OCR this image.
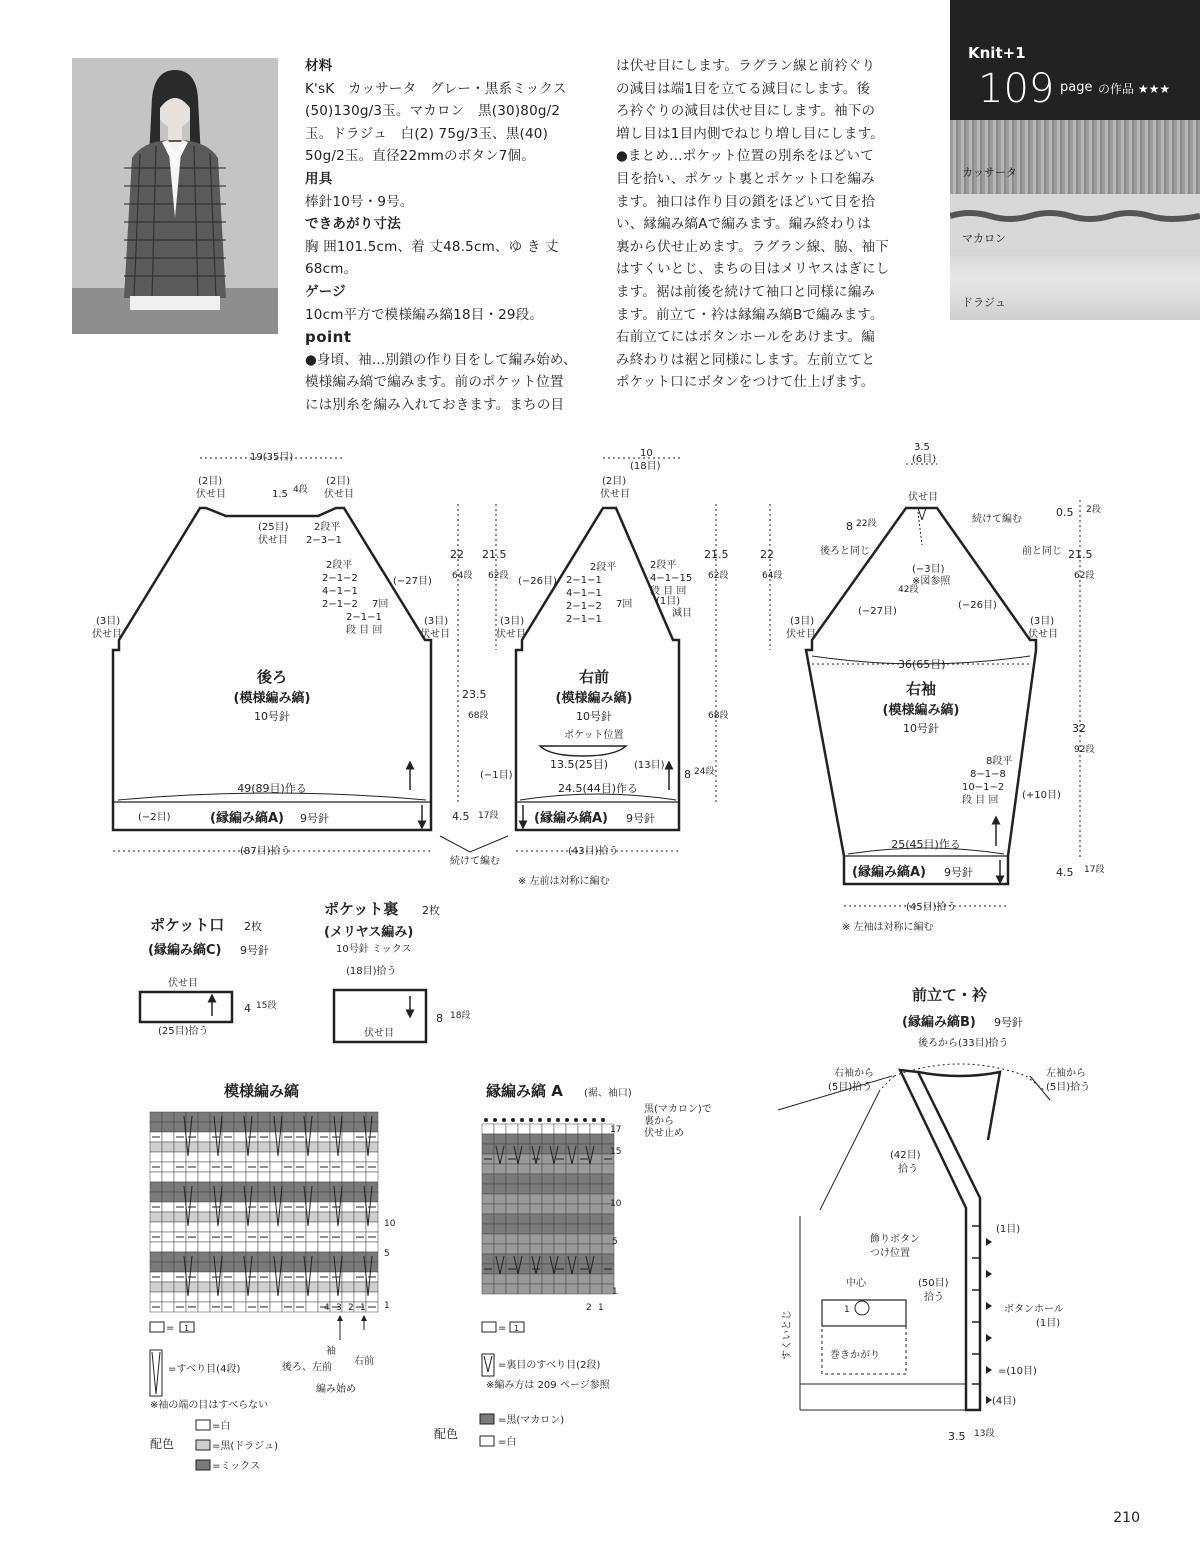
材料
K'sK　カッサータ　グレー・黒系ミックス
(50)130g/3玉。マカロン　黒(30)80g/2
玉。ドラジュ　白(2) 75g/3玉、黒(40)
50g/2玉。直径22mmのボタン7個。
用具
棒針10号・9号。
できあがり寸法
胸 囲101.5cm、着 丈48.5cm、ゆ き 丈
68cm。
ゲージ
10cm平方で模様編み縞18目・29段。
point
●身頃、袖…別鎖の作り目をして編み始め、
模様編み縞で編みます。前のポケット位置
には別糸を編み入れておきます。まちの目
は伏せ目にします。ラグラン線と前衿ぐり
の減目は端1目を立てる減目にします。後
ろ衿ぐりの減目は伏せ目にします。袖下の
増し目は1目内側でねじり増し目にします。
●まとめ…ポケット位置の別糸をほどいて
目を拾い、ポケット裏とポケット口を編み
ます。袖口は作り目の鎖をほどいて目を拾
い、縁編み縞Aで編みます。編み終わりは
裏から伏せ止めます。ラグラン線、脇、袖下
はすくいとじ、まちの目はメリヤスはぎにし
ます。裾は前後を続けて袖口と同様に編み
ます。前立て・衿は縁編み縞Bで編みます。
右前立てにはボタンホールをあけます。編
み終わりは裾と同様にします。左前立てと
ポケット口にボタンをつけて仕上げます。
Knit+1
109 page の作品 ★★★
カッサータ
マカロン
ドラジュ
19(35目)
(2目)
伏せ目
(2目)
伏せ目
1.5 4段
(25目)
伏せ目
2段平
2−3−1
2段平
2−1−2
4−1−1
2−1−2
2−1−1
段 目 回
7回
(−27目)
(3目)
伏せ目
(3目)
伏せ目
後ろ
(模様編み縞)
10号針
49(89目)作る
(−2目)	(縁編み縞A) 9号針
(87目)拾う
22
64段
21.5
62段
23.5
68段
4.5 17段
21.5
62段
68段
22
64段
10
(18目)
(2目)
伏せ目
(−26目)
2段平
2−1−1
4−1−1
2−1−2
2−1−1
7回
2段平
4−1−15
段 目 回
(1目)
減目
(3目)
伏せ目
右前
(模様編み縞)
10号針
ポケット位置
13.5(25目)	(13目)
(−1目)	8 24段
24.5(44目)作る
(縁編み縞A) 9号針
(43目)拾う
続けて編む
※ 左前は対称に編む
3.5
(6目)
伏せ目
続けて編む
8 22段
(−3目)
※図参照
42段
後ろと同じ	前と同じ
(−27目)
(−26目)
(3目)
伏せ目
(3目)
伏せ目
36(65目)
右袖
(模様編み縞)
10号針
8段平
8−1−8
10−1−2
段 目 回 (+10目)
25(45目)作る
(縁編み縞A) 9号針
(45目)拾う
※ 左袖は対称に編む
0.5 2段
21.5
62段
32
92段
4.5 17段
ポケット口 2枚
(縁編み縞C) 9号針
伏せ目
(25目)拾う
4 15段
ポケット裏 2枚
(メリヤス編み)
10号針 ミックス
(18目)拾う
伏せ目
8 18段
模様編み縞
10
5
1
4 3 2 1
袖
後ろ、左前
右前
編み始め
= 1
=すべり目(4段)
※袖の端の目はすべらない
配色
=白
=黒(ドラジュ)
=ミックス
縁編み縞 A (裾、袖口)
黒(マカロン)で
裏から
伏せ止め
17
15
10
5
1
2 1
= 1
=裏目のすべり目(2段)
※編み方は 209 ページ参照
配色
=黒(マカロン)
=白
前立て・衿
(縁編み縞B) 9号針
後ろから(33目)拾う
1
中心
巻きかがり
すくいとじ
右袖から
(5目)拾う
左袖から
(5目)拾う
(42目)
拾う
(1目)
飾りボタン
つけ位置
(50目)
拾う
ボタンホール
(1目)
=(10目)
(4目)
3.5 13段
210
